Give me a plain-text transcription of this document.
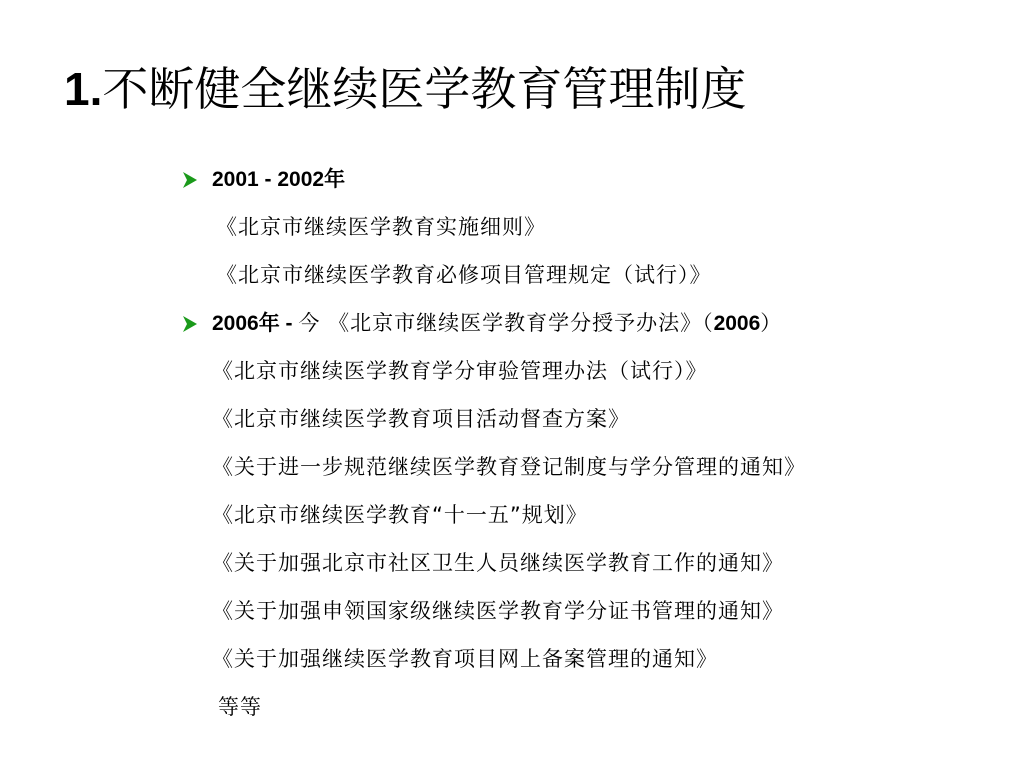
1.不断健全继续医学教育管理制度
2001 - 2002年
《北京市继续医学教育实施细则》
《北京市继续医学教育必修项目管理规定（试行）》
2006年 - 今 《北京市继续医学教育学分授予办法》（2006）
《北京市继续医学教育学分审验管理办法（试行）》
《北京市继续医学教育项目活动督查方案》
《关于进一步规范继续医学教育登记制度与学分管理的通知》
《北京市继续医学教育“十一五”规划》
《关于加强北京市社区卫生人员继续医学教育工作的通知》
《关于加强申领国家级继续医学教育学分证书管理的通知》
《关于加强继续医学教育项目网上备案管理的通知》
等等
